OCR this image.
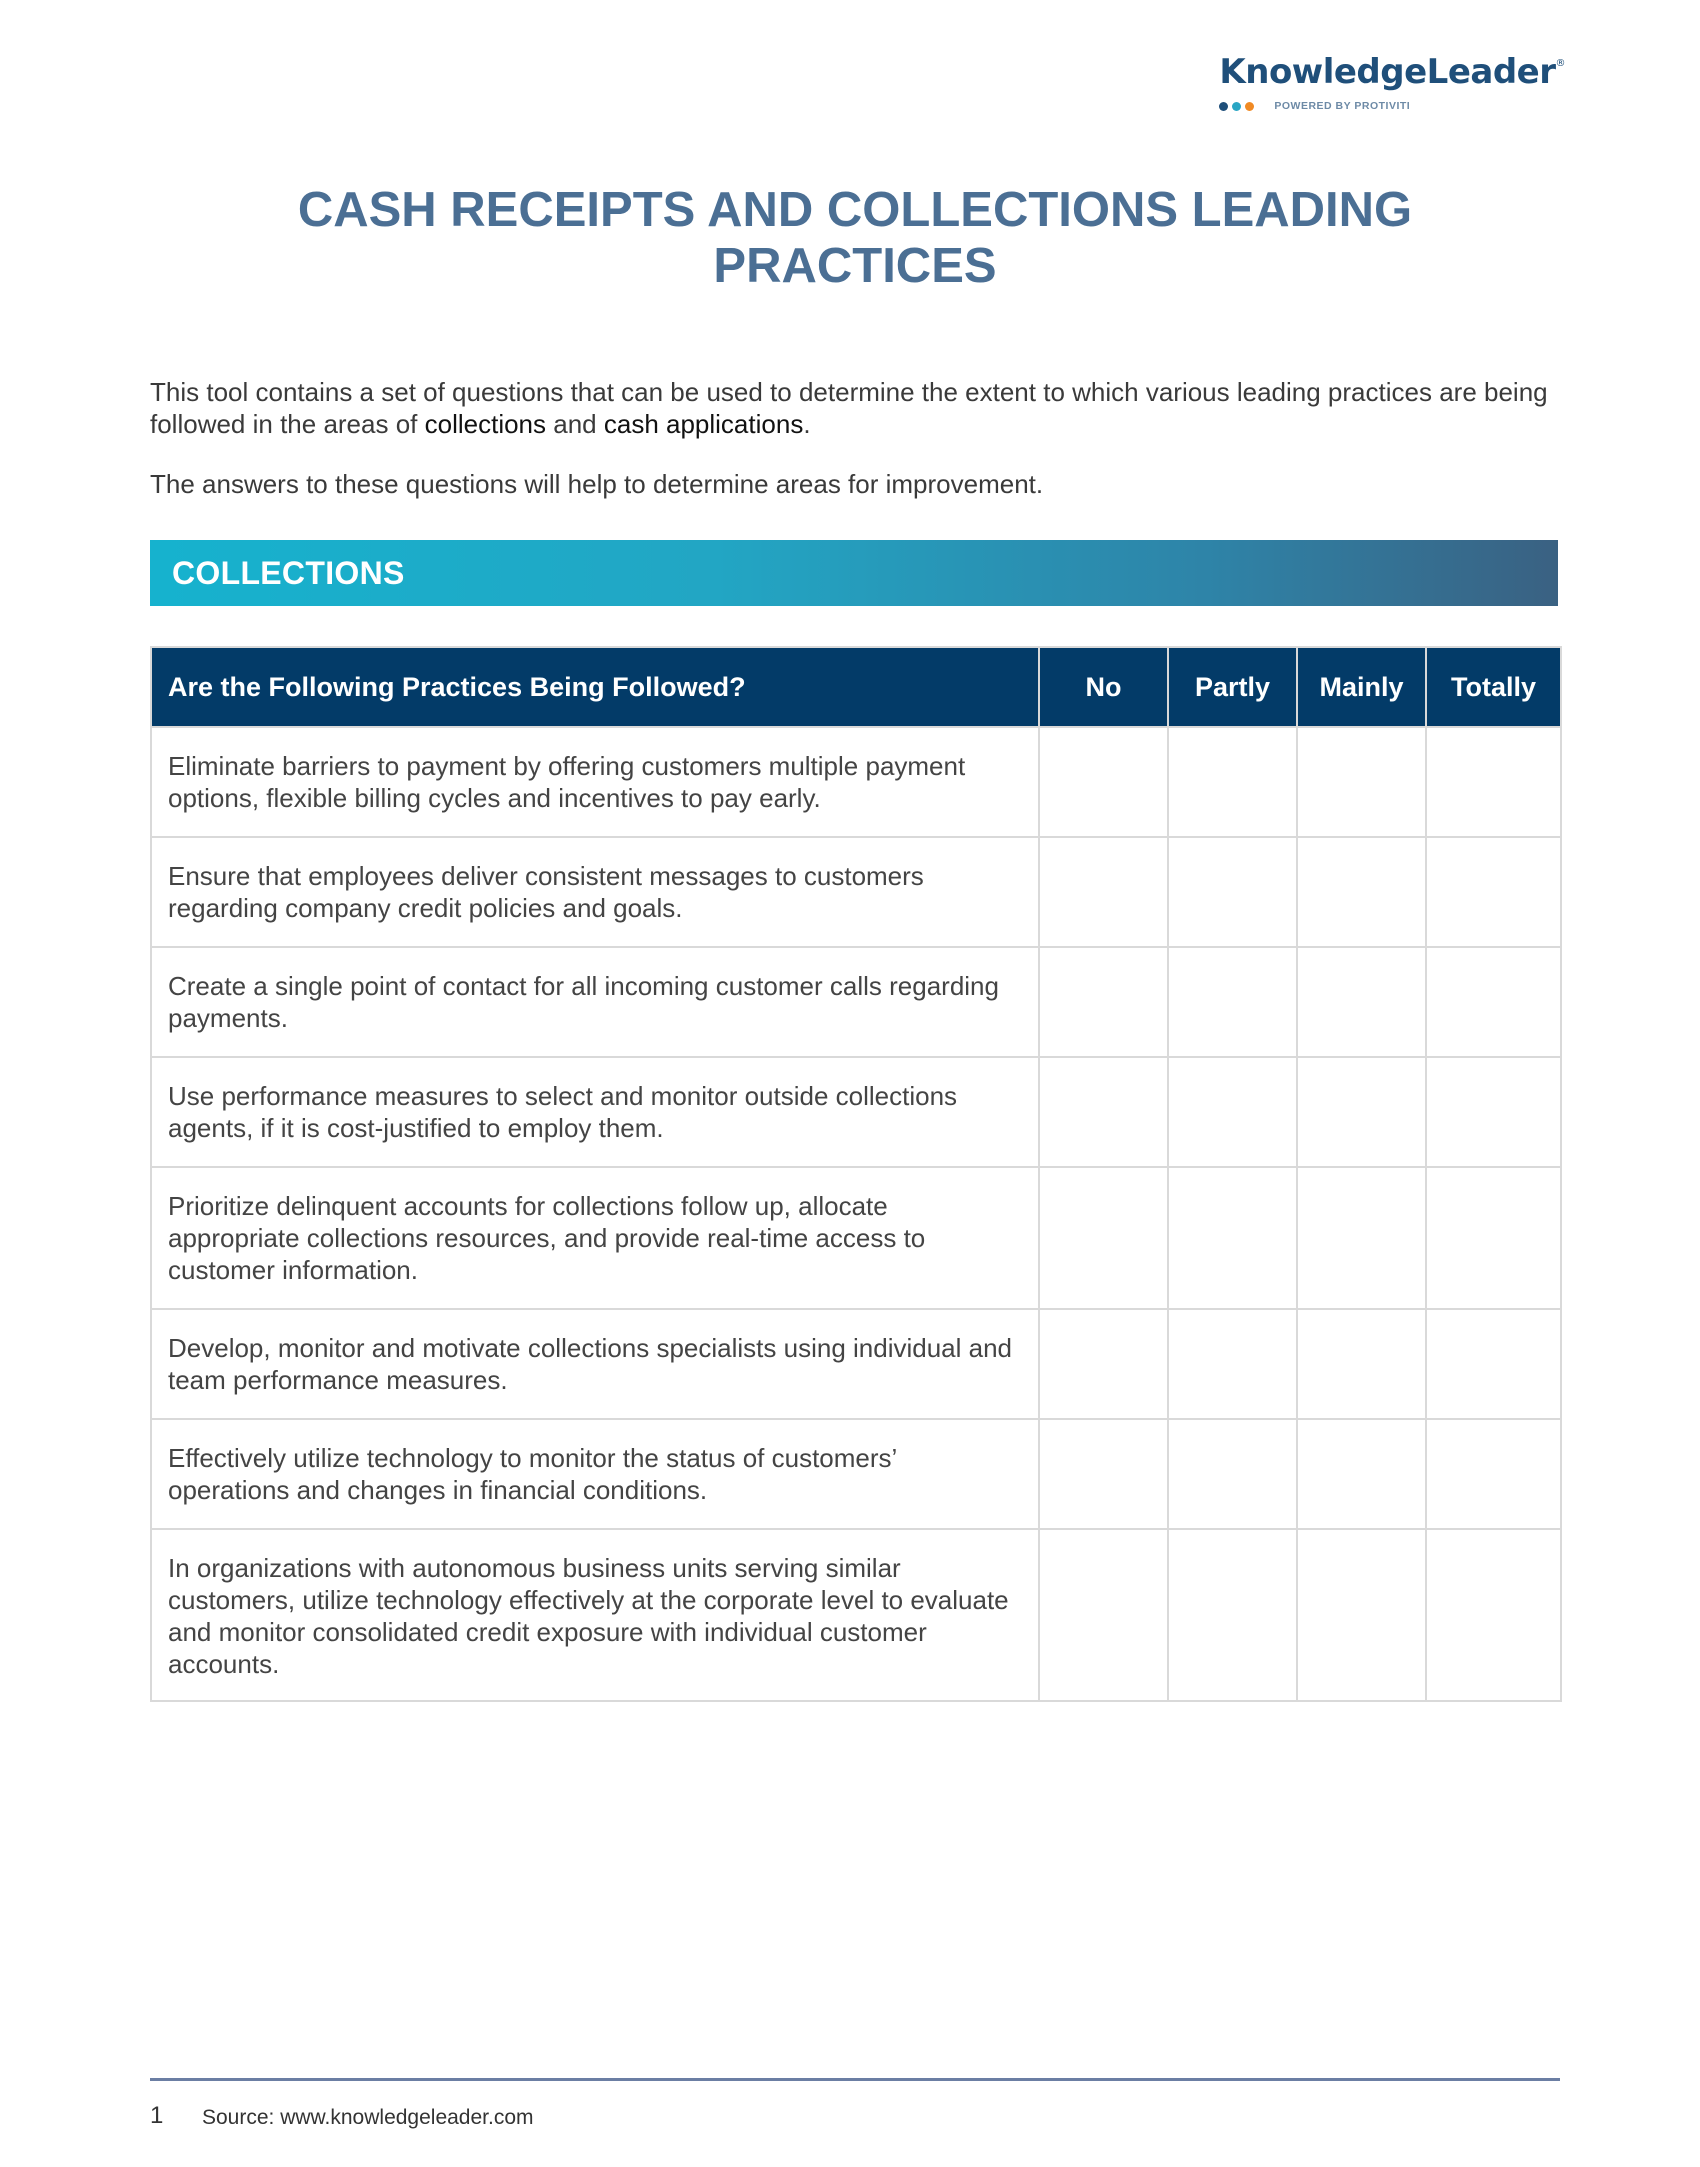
KnowledgeLeader®
POWERED BY PROTIVITI
CASH RECEIPTS AND COLLECTIONS LEADING
PRACTICES

This tool contains a set of questions that can be used to determine the extent to which various leading practices are being followed in the areas of collections and cash applications.

The answers to these questions will help to determine areas for improvement.

COLLECTIONS
Are the Following Practices Being Followed?	No	Partly	Mainly	Totally
Eliminate barriers to payment by offering customers multiple payment options, flexible billing cycles and incentives to pay early.				
Ensure that employees deliver consistent messages to customers regarding company credit policies and goals.				
Create a single point of contact for all incoming customer calls regarding payments.				
Use performance measures to select and monitor outside collections agents, if it is cost-justified to employ them.				
Prioritize delinquent accounts for collections follow up, allocate appropriate collections resources, and provide real-time access to customer information.				
Develop, monitor and motivate collections specialists using individual and team performance measures.				
Effectively utilize technology to monitor the status of customers’ operations and changes in financial conditions.				
In organizations with autonomous business units serving similar customers, utilize technology effectively at the corporate level to evaluate and monitor consolidated credit exposure with individual customer accounts.				
1 Source: www.knowledgeleader.com
